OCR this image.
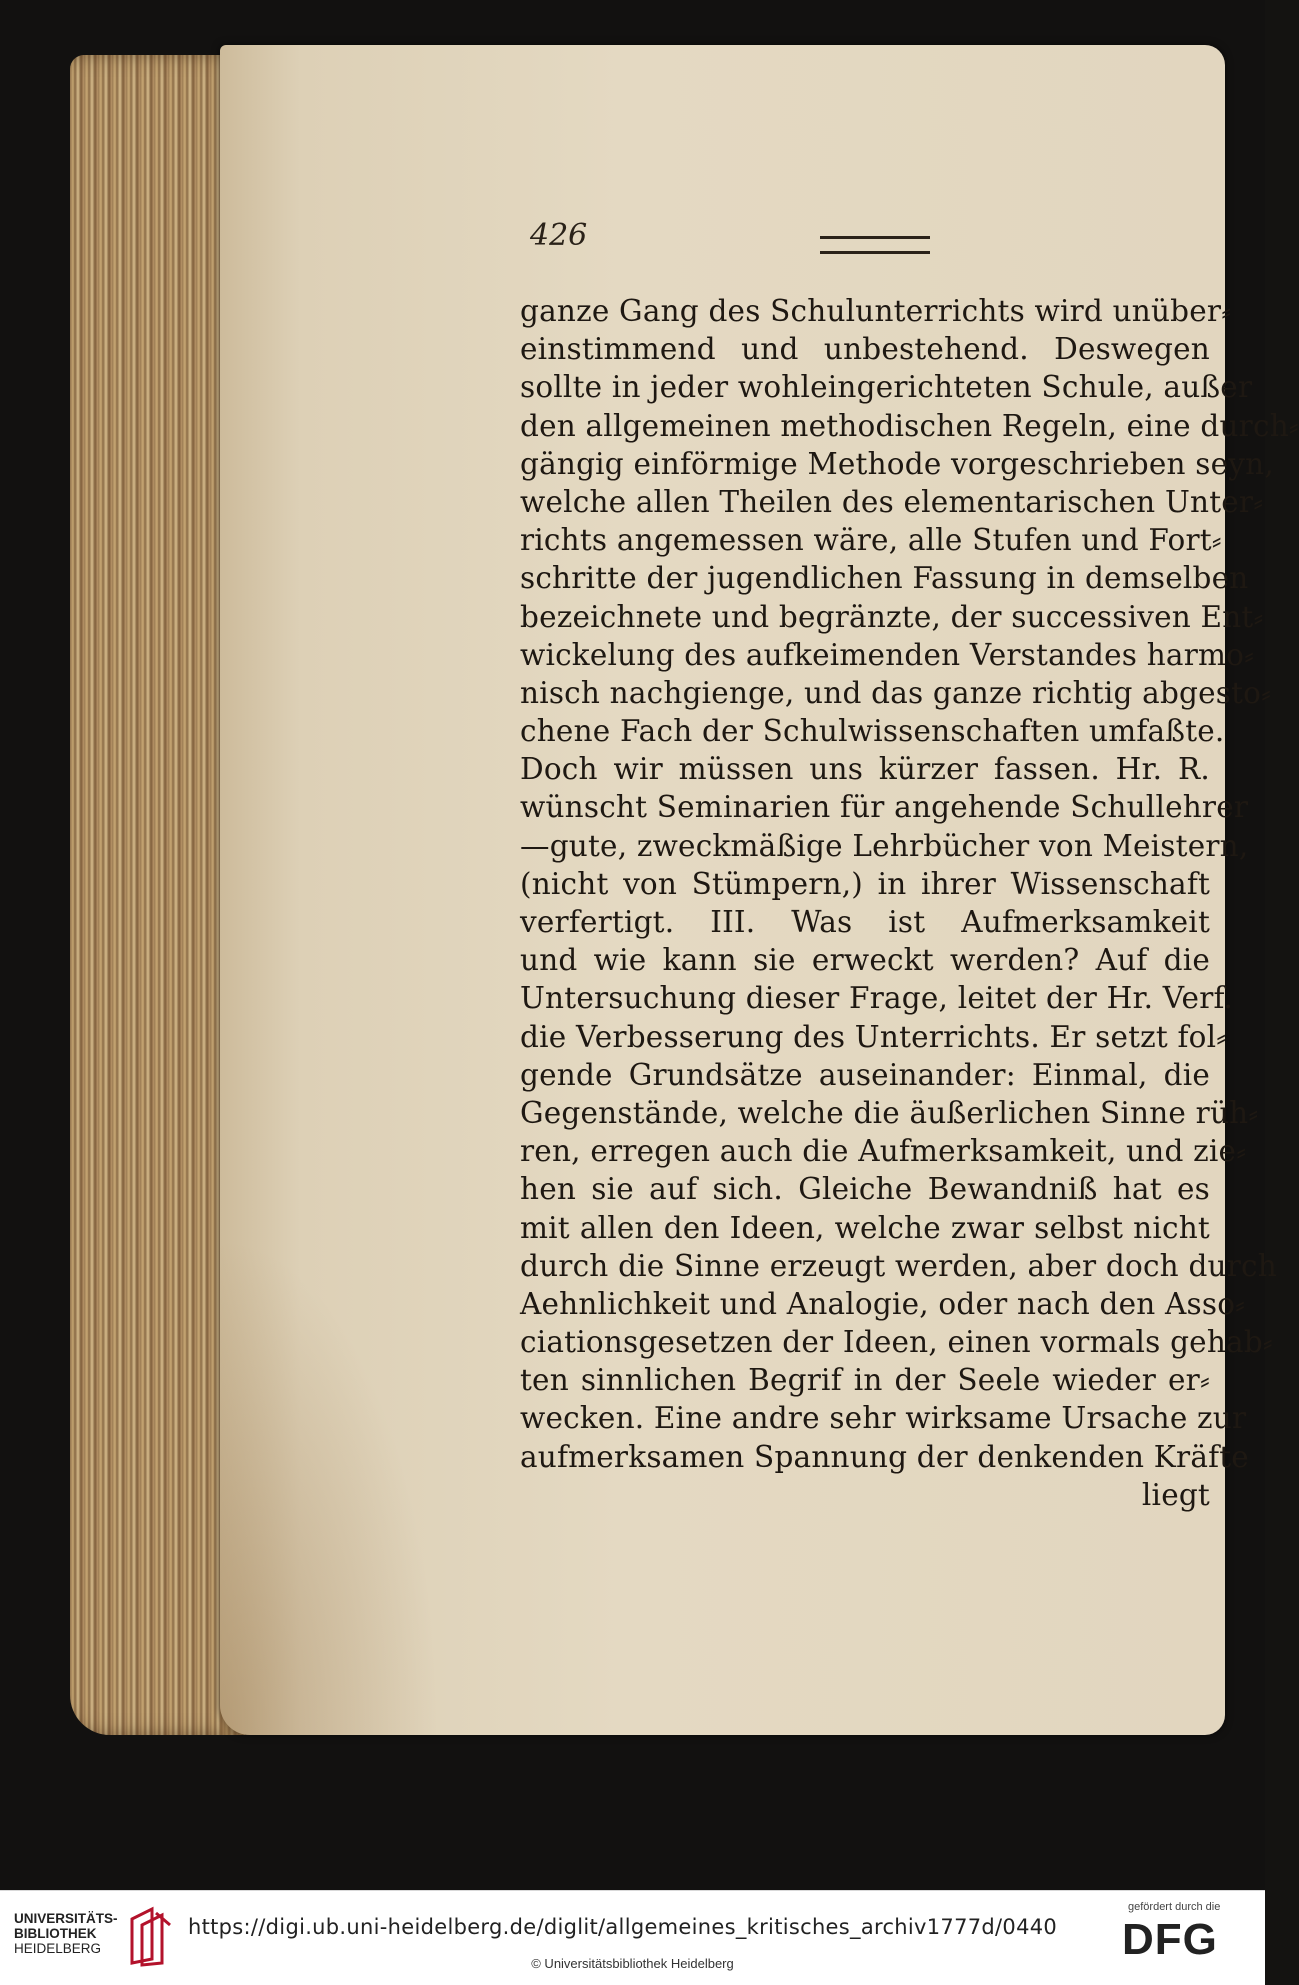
426
ganze Gang des Schulunterrichts wird unüber⸗
einstimmend und unbestehend. Deswegen
sollte in jeder wohleingerichteten Schule, außer
den allgemeinen methodischen Regeln, eine durch⸗
gängig einförmige Methode vorgeschrieben seyn,
welche allen Theilen des elementarischen Unter⸗
richts angemessen wäre, alle Stufen und Fort⸗
schritte der jugendlichen Fassung in demselben
bezeichnete und begränzte, der successiven Ent⸗
wickelung des aufkeimenden Verstandes harmo⸗
nisch nachgienge, und das ganze richtig abgesto⸗
chene Fach der Schulwissenschaften umfaßte.
Doch wir müssen uns kürzer fassen. Hr. R.
wünscht Seminarien für angehende Schullehrer
—gute, zweckmäßige Lehrbücher von Meistern,
(nicht von Stümpern,) in ihrer Wissenschaft
verfertigt. III. Was ist Aufmerksamkeit
und wie kann sie erweckt werden? Auf die
Untersuchung dieser Frage, leitet der Hr. Verf.
die Verbesserung des Unterrichts. Er setzt fol⸗
gende Grundsätze auseinander: Einmal, die
Gegenstände, welche die äußerlichen Sinne rüh⸗
ren, erregen auch die Aufmerksamkeit, und zie⸗
hen sie auf sich. Gleiche Bewandniß hat es
mit allen den Ideen, welche zwar selbst nicht
durch die Sinne erzeugt werden, aber doch durch
Aehnlichkeit und Analogie, oder nach den Asso⸗
ciationsgesetzen der Ideen, einen vormals gehab⸗
ten sinnlichen Begrif in der Seele wieder er⸗
wecken. Eine andre sehr wirksame Ursache zur
aufmerksamen Spannung der denkenden Kräfte
liegt
UNIVERSITÄTS-
BIBLIOTHEK
HEIDELBERG
https://digi.ub.uni-heidelberg.de/diglit/allgemeines_kritisches_archiv1777d/0440
© Universitätsbibliothek Heidelberg
gefördert durch die
DFG
